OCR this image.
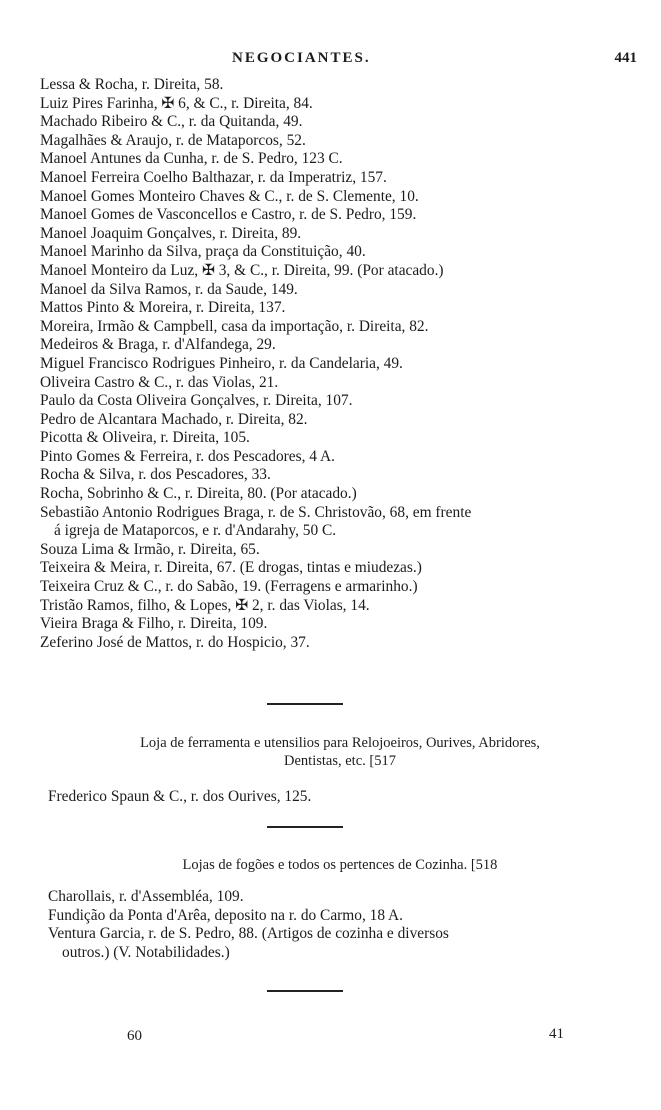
NEGOCIANTES.	441
Lessa & Rocha, r. Direita, 58.
Luiz Pires Farinha, ✠ 6, & C., r. Direita, 84.
Machado Ribeiro & C., r. da Quitanda, 49.
Magalhães & Araujo, r. de Mataporcos, 52.
Manoel Antunes da Cunha, r. de S. Pedro, 123 C.
Manoel Ferreira Coelho Balthazar, r. da Imperatriz, 157.
Manoel Gomes Monteiro Chaves & C., r. de S. Clemente, 10.
Manoel Gomes de Vasconcellos e Castro, r. de S. Pedro, 159.
Manoel Joaquim Gonçalves, r. Direita, 89.
Manoel Marinho da Silva, praça da Constituição, 40.
Manoel Monteiro da Luz, ✠ 3, & C., r. Direita, 99. (Por atacado.)
Manoel da Silva Ramos, r. da Saude, 149.
Mattos Pinto & Moreira, r. Direita, 137.
Moreira, Irmão & Campbell, casa da importação, r. Direita, 82.
Medeiros & Braga, r. d'Alfandega, 29.
Miguel Francisco Rodrigues Pinheiro, r. da Candelaria, 49.
Oliveira Castro & C., r. das Violas, 21.
Paulo da Costa Oliveira Gonçalves, r. Direita, 107.
Pedro de Alcantara Machado, r. Direita, 82.
Picotta & Oliveira, r. Direita, 105.
Pinto Gomes & Ferreira, r. dos Pescadores, 4 A.
Rocha & Silva, r. dos Pescadores, 33.
Rocha, Sobrinho & C., r. Direita, 80. (Por atacado.)
Sebastião Antonio Rodrigues Braga, r. de S. Christovão, 68, em frente
á igreja de Mataporcos, e r. d'Andarahy, 50 C.
Souza Lima & Irmão, r. Direita, 65.
Teixeira & Meira, r. Direita, 67. (E drogas, tintas e miudezas.)
Teixeira Cruz & C., r. do Sabão, 19. (Ferragens e armarinho.)
Tristão Ramos, filho, & Lopes, ✠ 2, r. das Violas, 14.
Vieira Braga & Filho, r. Direita, 109.
Zeferino José de Mattos, r. do Hospicio, 37.
Loja de ferramenta e utensilios para Relojoeiros, Ourives, Abridores,
Dentistas, etc. [517
Frederico Spaun & C., r. dos Ourives, 125.
Lojas de fogões e todos os pertences de Cozinha. [518
Charollais, r. d'Assembléa, 109.
Fundição da Ponta d'Arêa, deposito na r. do Carmo, 18 A.
Ventura Garcia, r. de S. Pedro, 88. (Artigos de cozinha e diversos
outros.) (V. Notabilidades.)
60	41
